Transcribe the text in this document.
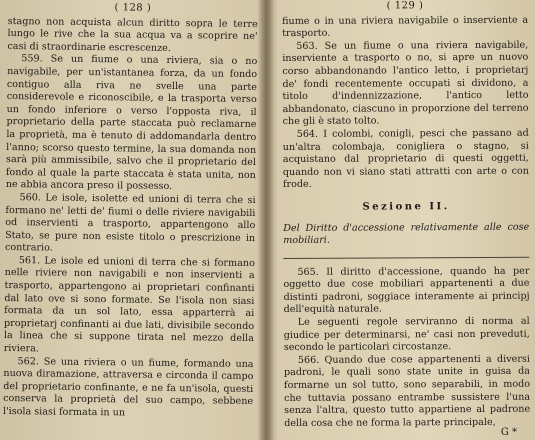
( 128 )

stagno non acquista alcun diritto sopra le terre lungo le rive che la sua acqua va a scoprire ne' casi di straordinarie escrescenze.

559. Se un fiume o una riviera, sia o no navigabile, per un'istantanea forza, da un fondo contiguo alla riva ne svelle una parte considerevole e riconoscibile, e la trasporta verso un fondo inferiore o verso l'opposta riva, il proprietario della parte staccata può reclamarne la proprietà, ma è tenuto di addomandarla dentro l'anno; scorso questo termine, la sua domanda non sarà più ammissibile, salvo che il proprietario del fondo al quale la parte staccata è stata unita, non ne abbia ancora preso il possesso.

560. Le isole, isolette ed unioni di terra che si formano ne' letti de' fiumi o delle riviere navigabili od inservienti a trasporto, appartengono allo Stato, se pure non esiste titolo o prescrizione in contrario.

561. Le isole ed unioni di terra che si formano nelle riviere non navigabili e non inservienti a trasporto, appartengono ai proprietari confinanti dal lato ove si sono formate. Se l'isola non siasi formata da un sol lato, essa apparterrà ai proprietarj confinanti ai due lati, divisibile secondo la linea che si suppone tirata nel mezzo della riviera.

562. Se una riviera o un fiume, formando una nuova diramazione, attraversa e circonda il campo del proprietario confinante, e ne fa un'isola, questi conserva la proprietà del suo campo, sebbene l'isola siasi formata in un

( 129 )

fiume o in una riviera navigabile o inserviente a trasporto.

563. Se un fiume o una riviera navigabile, inserviente a trasporto o no, si apre un nuovo corso abbandonando l'antico letto, i proprietarj de' fondi recentemente occupati si dividono, a titolo d'indennizzazione, l'antico letto abbandonato, ciascuno in proporzione del terreno che gli è stato tolto.

564. I colombi, conigli, pesci che passano ad un'altra colombaja, conigliera o stagno, si acquistano dal proprietario di questi oggetti, quando non vi siano stati attratti con arte o con frode.

Sezione II.

Del Diritto d'accessione relativamente alle cose mobiliari.

565. Il diritto d'accessione, quando ha per oggetto due cose mobiliari appartenenti a due distinti padroni, soggiace interamente ai principj dell'equità naturale.

Le seguenti regole serviranno di norma al giudice per determinarsi, ne' casi non preveduti, secondo le particolari circostanze.

566. Quando due cose appartenenti a diversi padroni, le quali sono state unite in guisa da formarne un sol tutto, sono separabili, in modo che tuttavia possano entrambe sussistere l'una senza l'altra, questo tutto appartiene al padrone della cosa che ne forma la parte principale,

G *
